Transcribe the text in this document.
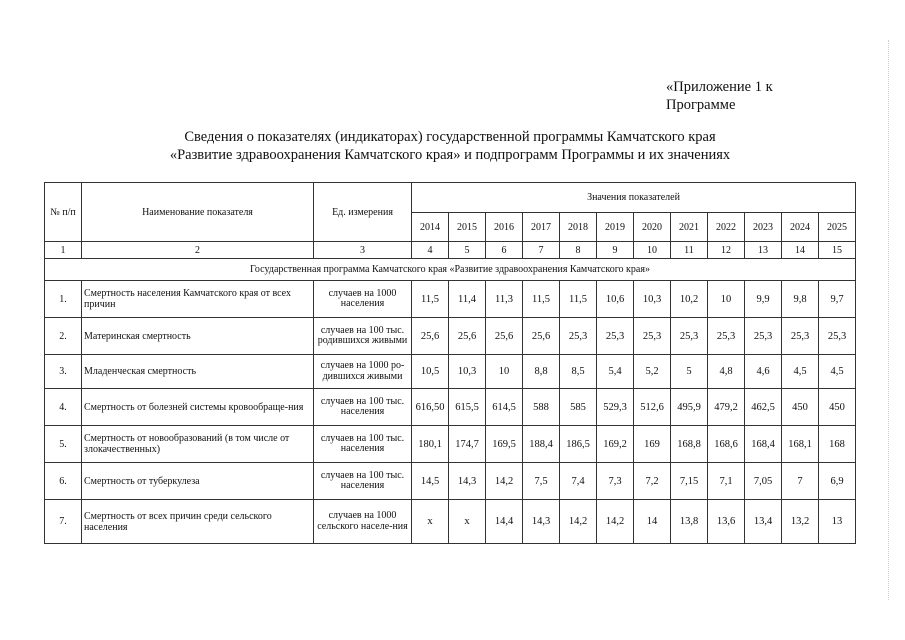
«Приложение 1 к
Программе
Сведения о показателях (индикаторах) государственной программы Камчатского края
«Развитие здравоохранения Камчатского края» и подпрограмм Программы и их значениях
№ п/п	Наименование показателя	Ед. измерения	Значения показателей											
			2014	2015	2016	2017	2018	2019	2020	2021	2022	2023	2024	2025
1	2	3	4	5	6	7	8	9	10	11	12	13	14	15
Государственная программа Камчатского края «Развитие здравоохранения Камчатского края»														
1.	Смертность населения Камчатского края от всех причин	случаев на 1000 населения	11,5	11,4	11,3	11,5	11,5	10,6	10,3	10,2	10	9,9	9,8	9,7
2.	Материнская смертность	случаев на 100 тыс. родившихся живыми	25,6	25,6	25,6	25,6	25,3	25,3	25,3	25,3	25,3	25,3	25,3	25,3
3.	Младенческая смертность	случаев на 1000 ро-дившихся живыми	10,5	10,3	10	8,8	8,5	5,4	5,2	5	4,8	4,6	4,5	4,5
4.	Смертность от болезней системы кровообраще-ния	случаев на 100 тыс. населения	616,50	615,5	614,5	588	585	529,3	512,6	495,9	479,2	462,5	450	450
5.	Смертность от новообразований (в том числе от злокачественных)	случаев на 100 тыс. населения	180,1	174,7	169,5	188,4	186,5	169,2	169	168,8	168,6	168,4	168,1	168
6.	Смертность от туберкулеза	случаев на 100 тыс. населения	14,5	14,3	14,2	7,5	7,4	7,3	7,2	7,15	7,1	7,05	7	6,9
7.	Смертность от всех причин среди сельского населения	случаев на 1000 сельского населе-ния	х	х	14,4	14,3	14,2	14,2	14	13,8	13,6	13,4	13,2	13
